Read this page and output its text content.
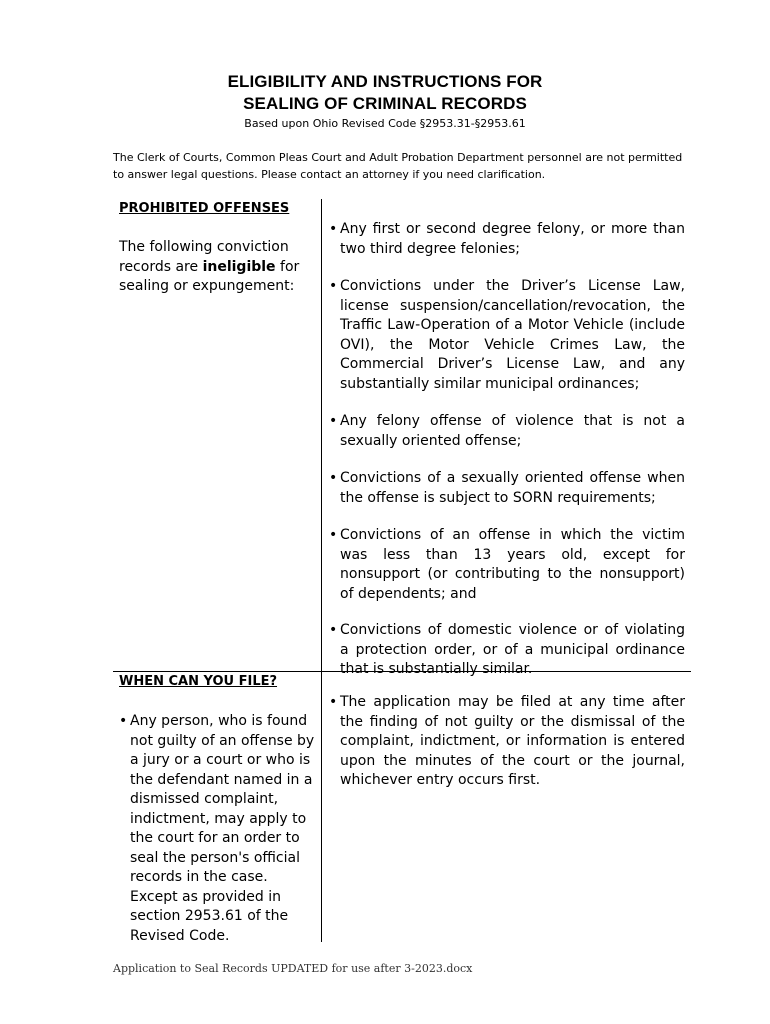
ELIGIBILITY AND INSTRUCTIONS FOR
SEALING OF CRIMINAL RECORDS
Based upon Ohio Revised Code §2953.31-§2953.61
The Clerk of Courts, Common Pleas Court and Adult Probation Department personnel are not permitted to answer legal questions. Please contact an attorney if you need clarification.
PROHIBITED OFFENSES
The following conviction records are ineligible for sealing or expungement:
• Any first or second degree felony, or more than two third degree felonies;
• Convictions under the Driver’s License Law, license suspension/cancellation/revocation, the Traffic Law-Operation of a Motor Vehicle (include OVI), the Motor Vehicle Crimes Law, the Commercial Driver’s License Law, and any substantially similar municipal ordinances;
• Any felony offense of violence that is not a sexually oriented offense;
• Convictions of a sexually oriented offense when the offense is subject to SORN requirements;
• Convictions of an offense in which the victim was less than 13 years old, except for nonsupport (or contributing to the nonsupport) of dependents; and
• Convictions of domestic violence or of violating a protection order, or of a municipal ordinance that is substantially similar.
WHEN CAN YOU FILE?
• Any person, who is found not guilty of an offense by a jury or a court or who is the defendant named in a dismissed complaint, indictment, may apply to the court for an order to seal the person's official records in the case. Except as provided in section 2953.61 of the Revised Code.
• The application may be filed at any time after the finding of not guilty or the dismissal of the complaint, indictment, or information is entered upon the minutes of the court or the journal, whichever entry occurs first.
Application to Seal Records UPDATED for use after 3-2023.docx
